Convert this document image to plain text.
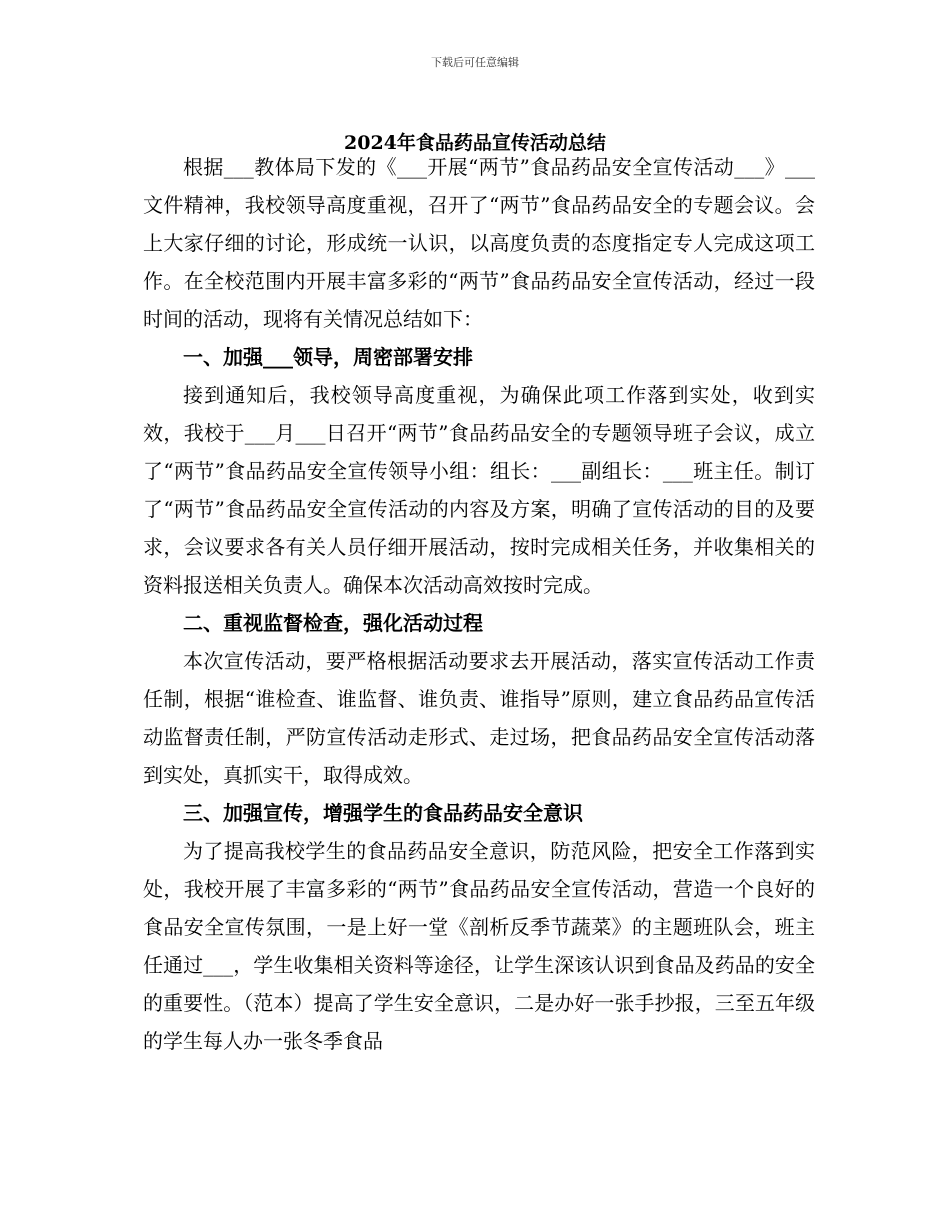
下载后可任意编辑
2024年食品药品宣传活动总结

根据___教体局下发的《___开展“两节”食品药品安全宣传活动___》___文件精神，我校领导高度重视，召开了“两节”食品药品安全的专题会议。会上大家仔细的讨论，形成统一认识，以高度负责的态度指定专人完成这项工作。在全校范围内开展丰富多彩的“两节”食品药品安全宣传活动，经过一段时间的活动，现将有关情况总结如下：

一、加强___领导，周密部署安排

接到通知后，我校领导高度重视，为确保此项工作落到实处，收到实效，我校于___月___日召开“两节”食品药品安全的专题领导班子会议，成立了“两节”食品药品安全宣传领导小组：组长：___副组长：___班主任。制订了“两节”食品药品安全宣传活动的内容及方案，明确了宣传活动的目的及要求，会议要求各有关人员仔细开展活动，按时完成相关任务，并收集相关的资料报送相关负责人。确保本次活动高效按时完成。

二、重视监督检查，强化活动过程

本次宣传活动，要严格根据活动要求去开展活动，落实宣传活动工作责任制，根据“谁检查、谁监督、谁负责、谁指导”原则，建立食品药品宣传活动监督责任制，严防宣传活动走形式、走过场，把食品药品安全宣传活动落到实处，真抓实干，取得成效。

三、加强宣传，增强学生的食品药品安全意识

为了提高我校学生的食品药品安全意识，防范风险，把安全工作落到实处，我校开展了丰富多彩的“两节”食品药品安全宣传活动，营造一个良好的食品安全宣传氛围，一是上好一堂《剖析反季节蔬菜》的主题班队会，班主任通过___，学生收集相关资料等途径，让学生深该认识到食品及药品的安全的重要性。（范本）提高了学生安全意识，二是办好一张手抄报，三至五年级的学生每人办一张冬季食品
